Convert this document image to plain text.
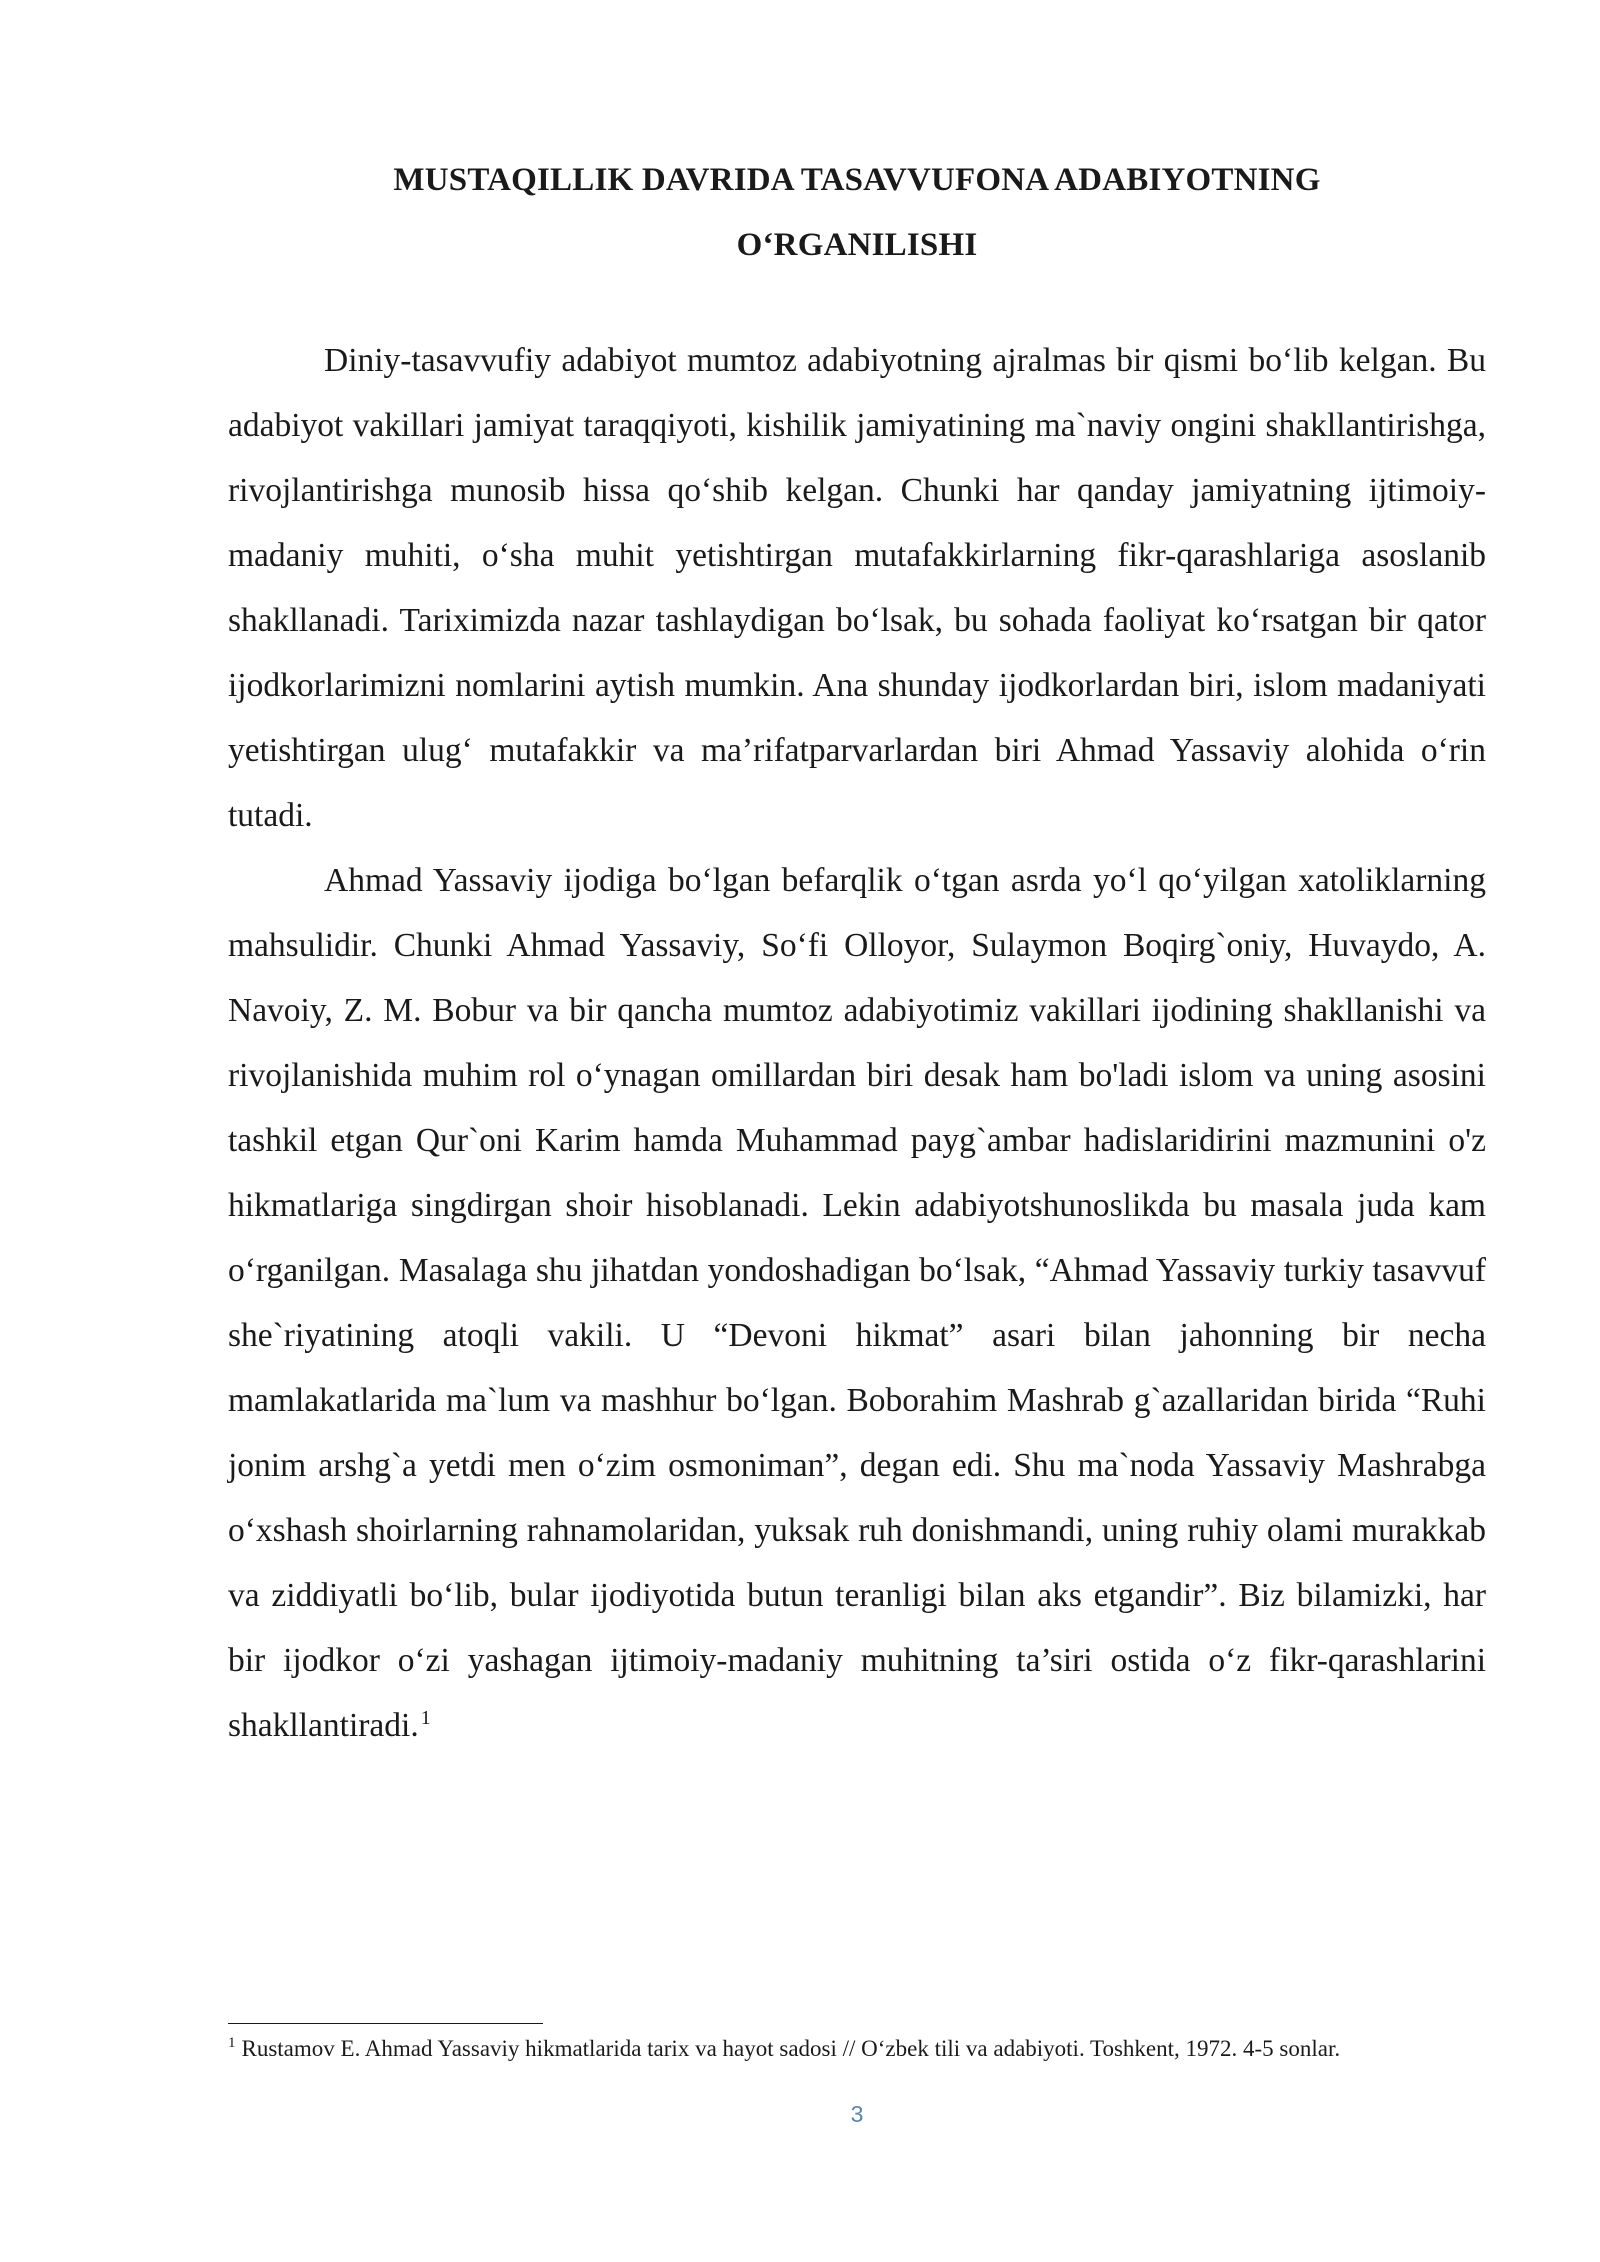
MUSTAQILLIK DAVRIDA TASAVVUFONA ADABIYOTNING
O‘RGANILISHI

Diniy-tasavvufiy adabiyot mumtoz adabiyotning ajralmas bir qismi bo‘lib kelgan. Bu adabiyot vakillari jamiyat taraqqiyoti, kishilik jamiyatining ma`naviy ongini shakllantirishga, rivojlantirishga munosib hissa qo‘shib kelgan. Chunki har qanday jamiyatning ijtimoiy-madaniy muhiti, o‘sha muhit yetishtirgan mutafakkirlarning fikr-qarashlariga asoslanib shakllanadi. Tariximizda nazar tashlaydigan bo‘lsak, bu sohada faoliyat ko‘rsatgan bir qator ijodkorlarimizni nomlarini aytish mumkin. Ana shunday ijodkorlardan biri, islom madaniyati yetishtirgan ulug‘ mutafakkir va ma’rifatparvarlardan biri Ahmad Yassaviy alohida o‘rin tutadi.

Ahmad Yassaviy ijodiga bo‘lgan befarqlik o‘tgan asrda yo‘l qo‘yilgan xatoliklarning mahsulidir. Chunki Ahmad Yassaviy, So‘fi Olloyor, Sulaymon Boqirg`oniy, Huvaydo, A. Navoiy, Z. M. Bobur va bir qancha mumtoz adabiyotimiz vakillari ijodining shakllanishi va rivojlanishida muhim rol o‘ynagan omillardan biri desak ham bo'ladi islom va uning asosini tashkil etgan Qur`oni Karim hamda Muhammad payg`ambar hadislaridirini mazmunini o'z hikmatlariga singdirgan shoir hisoblanadi. Lekin adabiyotshunoslikda bu masala juda kam o‘rganilgan. Masalaga shu jihatdan yondoshadigan bo‘lsak, “Ahmad Yassaviy turkiy tasavvuf she`riyatining atoqli vakili. U “Devoni hikmat” asari bilan jahonning bir necha mamlakatlarida ma`lum va mashhur bo‘lgan. Boborahim Mashrab g`azallaridan birida “Ruhi jonim arshg`a yetdi men o‘zim osmoniman”, degan edi. Shu ma`noda Yassaviy Mashrabga o‘xshash shoirlarning rahnamolaridan, yuksak ruh donishmandi, uning ruhiy olami murakkab va ziddiyatli bo‘lib, bular ijodiyotida butun teranligi bilan aks etgandir”. Biz bilamizki, har bir ijodkor o‘zi yashagan ijtimoiy-madaniy muhitning ta’siri ostida o‘z fikr-qarashlarini shakllantiradi. $^1$

$^1$ Rustamov E. Ahmad Yassaviy hikmatlarida tarix va hayot sadosi // O‘zbek tili va adabiyoti. Toshkent, 1972. 4-5 sonlar.
3
